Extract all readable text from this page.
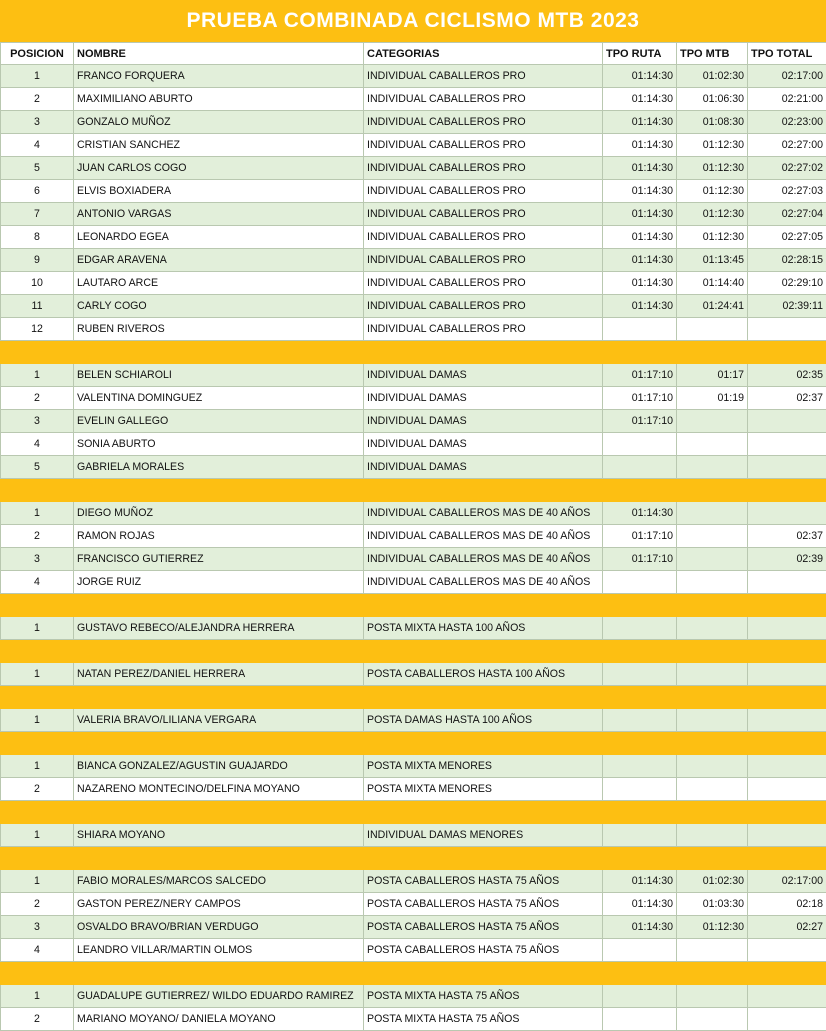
PRUEBA COMBINADA CICLISMO MTB 2023
POSICION	NOMBRE	CATEGORIAS	TPO RUTA	TPO MTB	TPO TOTAL
1	FRANCO FORQUERA	INDIVIDUAL CABALLEROS PRO	01:14:30	01:02:30	02:17:00
2	MAXIMILIANO ABURTO	INDIVIDUAL CABALLEROS PRO	01:14:30	01:06:30	02:21:00
3	GONZALO MUÑOZ	INDIVIDUAL CABALLEROS PRO	01:14:30	01:08:30	02:23:00
4	CRISTIAN SANCHEZ	INDIVIDUAL CABALLEROS PRO	01:14:30	01:12:30	02:27:00
5	JUAN CARLOS COGO	INDIVIDUAL CABALLEROS PRO	01:14:30	01:12:30	02:27:02
6	ELVIS BOXIADERA	INDIVIDUAL CABALLEROS PRO	01:14:30	01:12:30	02:27:03
7	ANTONIO VARGAS	INDIVIDUAL CABALLEROS PRO	01:14:30	01:12:30	02:27:04
8	LEONARDO EGEA	INDIVIDUAL CABALLEROS PRO	01:14:30	01:12:30	02:27:05
9	EDGAR ARAVENA	INDIVIDUAL CABALLEROS PRO	01:14:30	01:13:45	02:28:15
10	LAUTARO ARCE	INDIVIDUAL CABALLEROS PRO	01:14:30	01:14:40	02:29:10
11	CARLY COGO	INDIVIDUAL CABALLEROS PRO	01:14:30	01:24:41	02:39:11
12	RUBEN RIVEROS	INDIVIDUAL CABALLEROS PRO			

1	BELEN SCHIAROLI	INDIVIDUAL DAMAS	01:17:10	01:17	02:35
2	VALENTINA DOMINGUEZ	INDIVIDUAL DAMAS	01:17:10	01:19	02:37
3	EVELIN GALLEGO	INDIVIDUAL DAMAS	01:17:10		
4	SONIA ABURTO	INDIVIDUAL DAMAS			
5	GABRIELA MORALES	INDIVIDUAL DAMAS			

1	DIEGO MUÑOZ	INDIVIDUAL CABALLEROS MAS DE 40 AÑOS	01:14:30		
2	RAMON ROJAS	INDIVIDUAL CABALLEROS MAS DE 40 AÑOS	01:17:10		02:37
3	FRANCISCO GUTIERREZ	INDIVIDUAL CABALLEROS MAS DE 40 AÑOS	01:17:10		02:39
4	JORGE RUIZ	INDIVIDUAL CABALLEROS MAS DE 40 AÑOS			

1	GUSTAVO REBECO/ALEJANDRA HERRERA	POSTA MIXTA HASTA 100 AÑOS			

1	NATAN PEREZ/DANIEL HERRERA	POSTA CABALLEROS HASTA 100 AÑOS			

1	VALERIA BRAVO/LILIANA VERGARA	POSTA DAMAS HASTA 100 AÑOS			

1	BIANCA GONZALEZ/AGUSTIN GUAJARDO	POSTA MIXTA MENORES			
2	NAZARENO MONTECINO/DELFINA MOYANO	POSTA MIXTA MENORES			

1	SHIARA MOYANO	INDIVIDUAL DAMAS MENORES			

1	FABIO MORALES/MARCOS SALCEDO	POSTA CABALLEROS HASTA 75 AÑOS	01:14:30	01:02:30	02:17:00
2	GASTON PEREZ/NERY CAMPOS	POSTA CABALLEROS HASTA 75 AÑOS	01:14:30	01:03:30	02:18
3	OSVALDO BRAVO/BRIAN VERDUGO	POSTA CABALLEROS HASTA 75 AÑOS	01:14:30	01:12:30	02:27
4	LEANDRO VILLAR/MARTIN OLMOS	POSTA CABALLEROS HASTA 75 AÑOS			

1	GUADALUPE GUTIERREZ/ WILDO EDUARDO RAMIREZ	POSTA MIXTA HASTA 75 AÑOS			
2	MARIANO MOYANO/ DANIELA MOYANO	POSTA MIXTA HASTA 75 AÑOS			
